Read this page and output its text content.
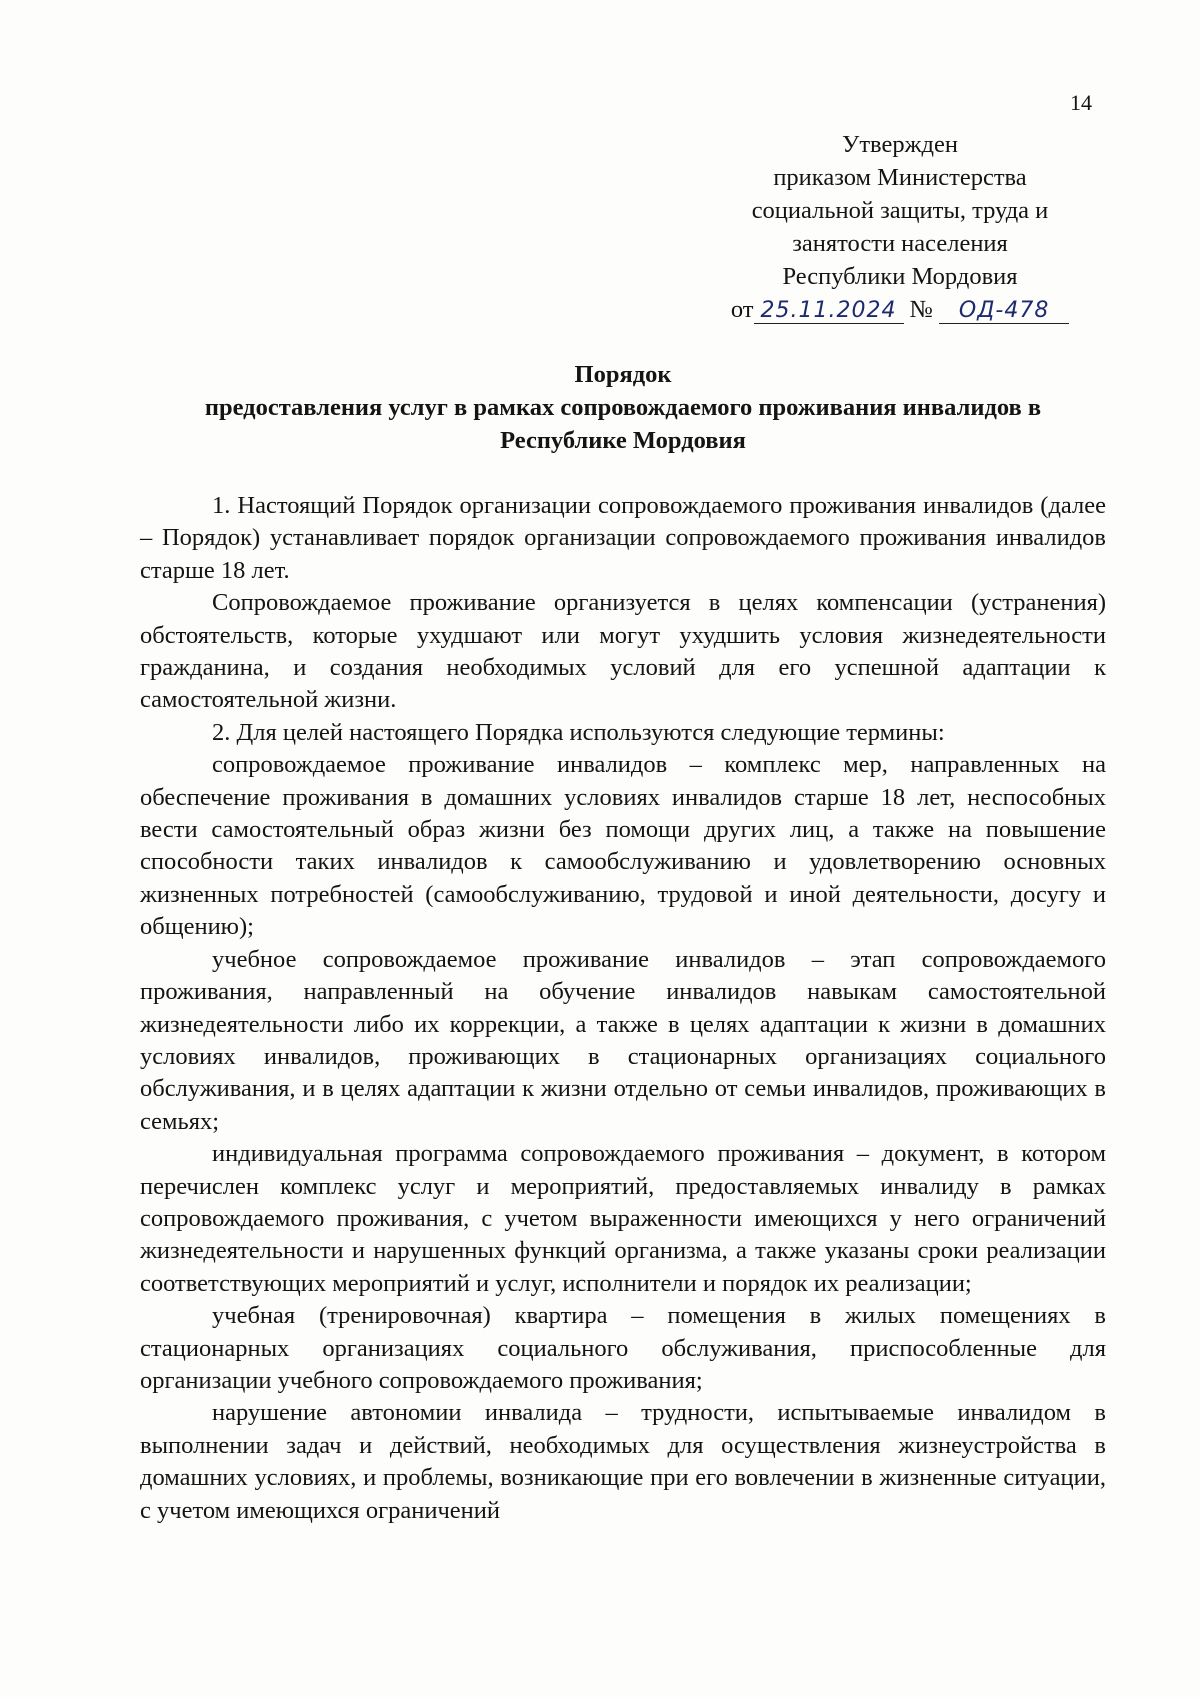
14
Утвержден
приказом Министерства
социальной защиты, труда и
занятости населения
Республики Мордовия
от 25.11.2024 № ОД-478
Порядок
предоставления услуг в рамках сопровождаемого проживания инвалидов в Республике Мордовия

1. Настоящий Порядок организации сопровождаемого проживания инвалидов (далее – Порядок) устанавливает порядок организации сопровождаемого проживания инвалидов старше 18 лет.

Сопровождаемое проживание организуется в целях компенсации (устранения) обстоятельств, которые ухудшают или могут ухудшить условия жизнедеятельности гражданина, и создания необходимых условий для его успешной адаптации к самостоятельной жизни.

2. Для целей настоящего Порядка используются следующие термины:

сопровождаемое проживание инвалидов – комплекс мер, направленных на обеспечение проживания в домашних условиях инвалидов старше 18 лет, неспособных вести самостоятельный образ жизни без помощи других лиц, а также на повышение способности таких инвалидов к самообслуживанию и удовлетворению основных жизненных потребностей (самообслуживанию, трудовой и иной деятельности, досугу и общению);

учебное сопровождаемое проживание инвалидов – этап сопровождаемого проживания, направленный на обучение инвалидов навыкам самостоятельной жизнедеятельности либо их коррекции, а также в целях адаптации к жизни в домашних условиях инвалидов, проживающих в стационарных организациях социального обслуживания, и в целях адаптации к жизни отдельно от семьи инвалидов, проживающих в семьях;

индивидуальная программа сопровождаемого проживания – документ, в котором перечислен комплекс услуг и мероприятий, предоставляемых инвалиду в рамках сопровождаемого проживания, с учетом выраженности имеющихся у него ограничений жизнедеятельности и нарушенных функций организма, а также указаны сроки реализации соответствующих мероприятий и услуг, исполнители и порядок их реализации;

учебная (тренировочная) квартира – помещения в жилых помещениях в стационарных организациях социального обслуживания, приспособленные для организации учебного сопровождаемого проживания;

нарушение автономии инвалида – трудности, испытываемые инвалидом в выполнении задач и действий, необходимых для осуществления жизнеустройства в домашних условиях, и проблемы, возникающие при его вовлечении в жизненные ситуации, с учетом имеющихся ограничений
